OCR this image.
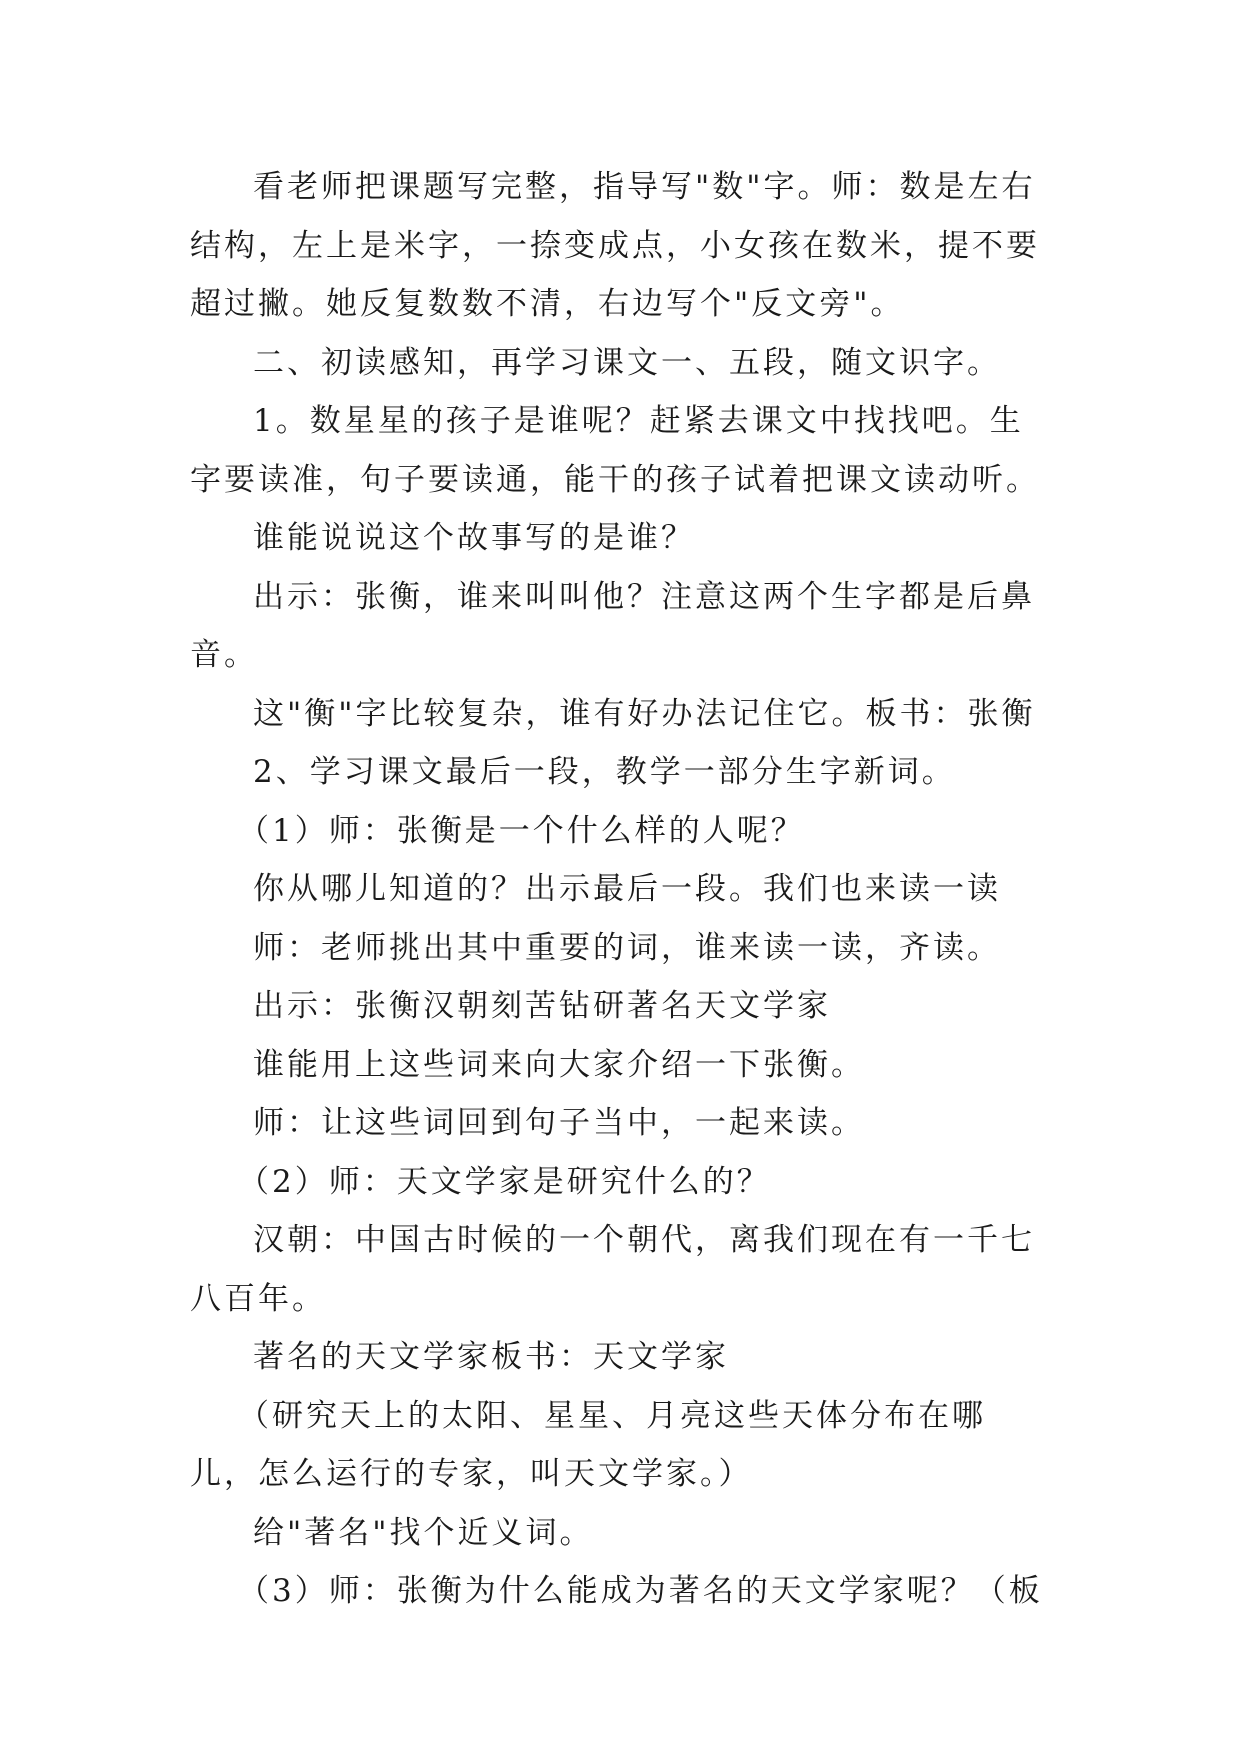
看老师把课题写完整，指导写"数"字。师：数是左右结构，左上是米字，一捺变成点，小女孩在数米，提不要超过撇。她反复数数不清，右边写个"反文旁"。

二、初读感知，再学习课文一、五段，随文识字。

1。数星星的孩子是谁呢？赶紧去课文中找找吧。生字要读准，句子要读通，能干的孩子试着把课文读动听。

谁能说说这个故事写的是谁？

出示：张衡，谁来叫叫他？注意这两个生字都是后鼻音。

这"衡"字比较复杂，谁有好办法记住它。板书：张衡

2、学习课文最后一段，教学一部分生字新词。

（1）师：张衡是一个什么样的人呢？

你从哪儿知道的？出示最后一段。我们也来读一读

师：老师挑出其中重要的词，谁来读一读，齐读。

出示：张衡汉朝刻苦钻研著名天文学家

谁能用上这些词来向大家介绍一下张衡。

师：让这些词回到句子当中，一起来读。

（2）师：天文学家是研究什么的？

汉朝：中国古时候的一个朝代，离我们现在有一千七八百年。

著名的天文学家板书：天文学家

（研究天上的太阳、星星、月亮这些天体分布在哪儿，怎么运行的专家，叫天文学家。）

给"著名"找个近义词。

（3）师：张衡为什么能成为著名的天文学家呢？（板
